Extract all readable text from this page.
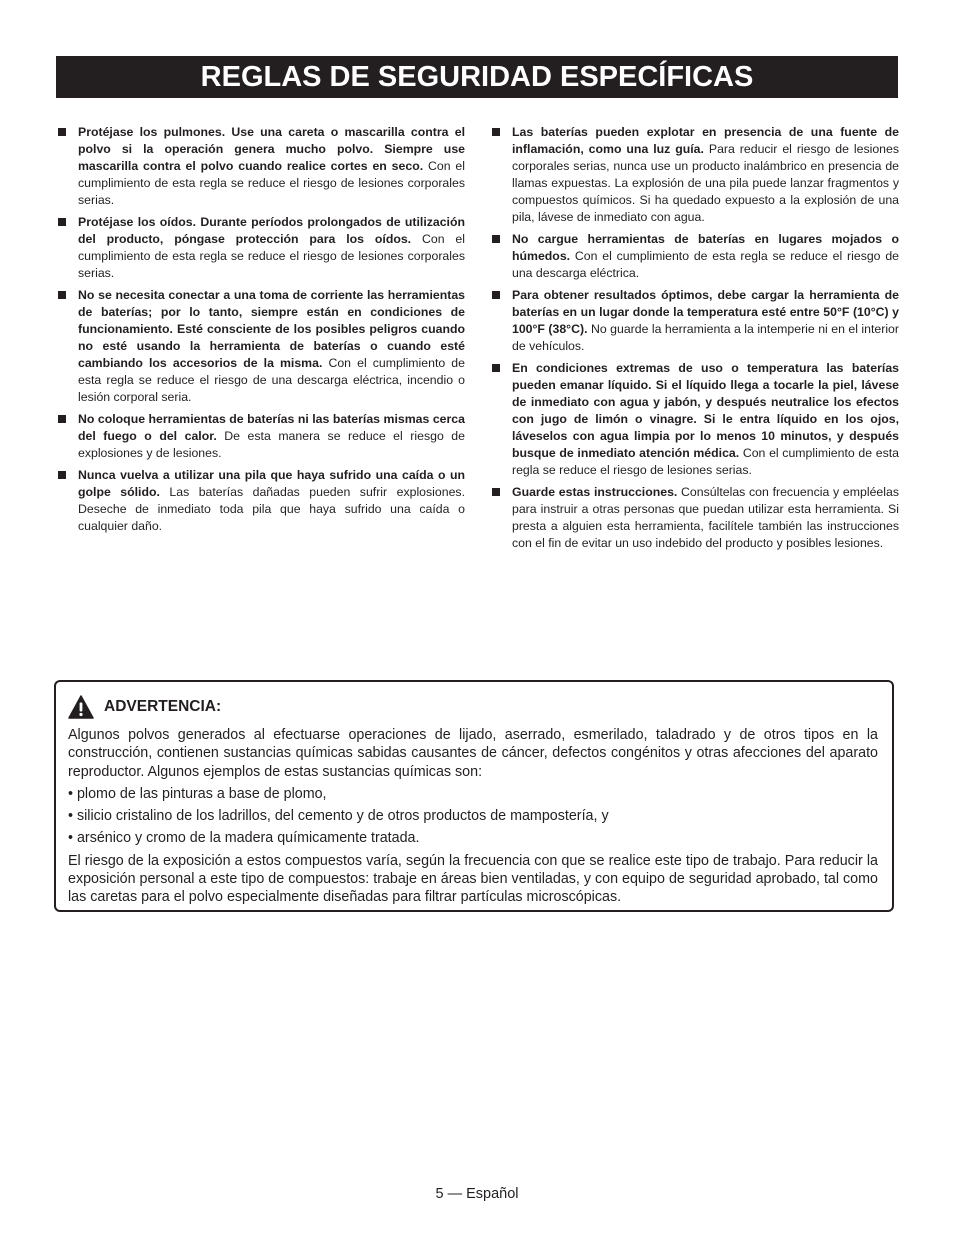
REGLAS DE SEGURIDAD ESPECÍFICAS
Protéjase los pulmones. Use una careta o mascarilla contra el polvo si la operación genera mucho polvo. Siempre use mascarilla contra el polvo cuando realice cortes en seco. Con el cumplimiento de esta regla se reduce el riesgo de lesiones corporales serias.
Protéjase los oídos. Durante períodos prolongados de utilización del producto, póngase protección para los oídos. Con el cumplimiento de esta regla se reduce el riesgo de lesiones corporales serias.
No se necesita conectar a una toma de corriente las herramientas de baterías; por lo tanto, siempre están en condiciones de funcionamiento. Esté consciente de los posibles peligros cuando no esté usando la herramienta de baterías o cuando esté cambiando los accesorios de la misma. Con el cumplimiento de esta regla se reduce el riesgo de una descarga eléctrica, incendio o lesión corporal seria.
No coloque herramientas de baterías ni las baterías mismas cerca del fuego o del calor. De esta manera se reduce el riesgo de explosiones y de lesiones.
Nunca vuelva a utilizar una pila que haya sufrido una caída o un golpe sólido. Las baterías dañadas pueden sufrir explosiones. Deseche de inmediato toda pila que haya sufrido una caída o cualquier daño.
Las baterías pueden explotar en presencia de una fuente de inflamación, como una luz guía. Para reducir el riesgo de lesiones corporales serias, nunca use un producto inalámbrico en presencia de llamas expuestas. La explosión de una pila puede lanzar fragmentos y compuestos químicos. Si ha quedado expuesto a la explosión de una pila, lávese de inmediato con agua.
No cargue herramientas de baterías en lugares mojados o húmedos. Con el cumplimiento de esta regla se reduce el riesgo de una descarga eléctrica.
Para obtener resultados óptimos, debe cargar la herramienta de baterías en un lugar donde la temperatura esté entre 50°F (10°C) y 100°F (38°C). No guarde la herramienta a la intemperie ni en el interior de vehículos.
En condiciones extremas de uso o temperatura las baterías pueden emanar líquido. Si el líquido llega a tocarle la piel, lávese de inmediato con agua y jabón, y después neutralice los efectos con jugo de limón o vinagre. Si le entra líquido en los ojos, láveselos con agua limpia por lo menos 10 minutos, y después busque de inmediato atención médica. Con el cumplimiento de esta regla se reduce el riesgo de lesiones serias.
Guarde estas instrucciones. Consúltelas con frecuencia y empléelas para instruir a otras personas que puedan utilizar esta herramienta. Si presta a alguien esta herramienta, facilítele también las instrucciones con el fin de evitar un uso indebido del producto y posibles lesiones.
ADVERTENCIA:

Algunos polvos generados al efectuarse operaciones de lijado, aserrado, esmerilado, taladrado y de otros tipos en la construcción, contienen sustancias químicas sabidas causantes de cáncer, defectos congénitos y otras afecciones del aparato reproductor. Algunos ejemplos de estas sustancias químicas son:

• plomo de las pinturas a base de plomo,
• silicio cristalino de los ladrillos, del cemento y de otros productos de mampostería, y
• arsénico y cromo de la madera químicamente tratada.

El riesgo de la exposición a estos compuestos varía, según la frecuencia con que se realice este tipo de trabajo. Para reducir la exposición personal a este tipo de compuestos: trabaje en áreas bien ventiladas, y con equipo de seguridad aprobado, tal como las caretas para el polvo especialmente diseñadas para filtrar partículas microscópicas.

5 — Español
